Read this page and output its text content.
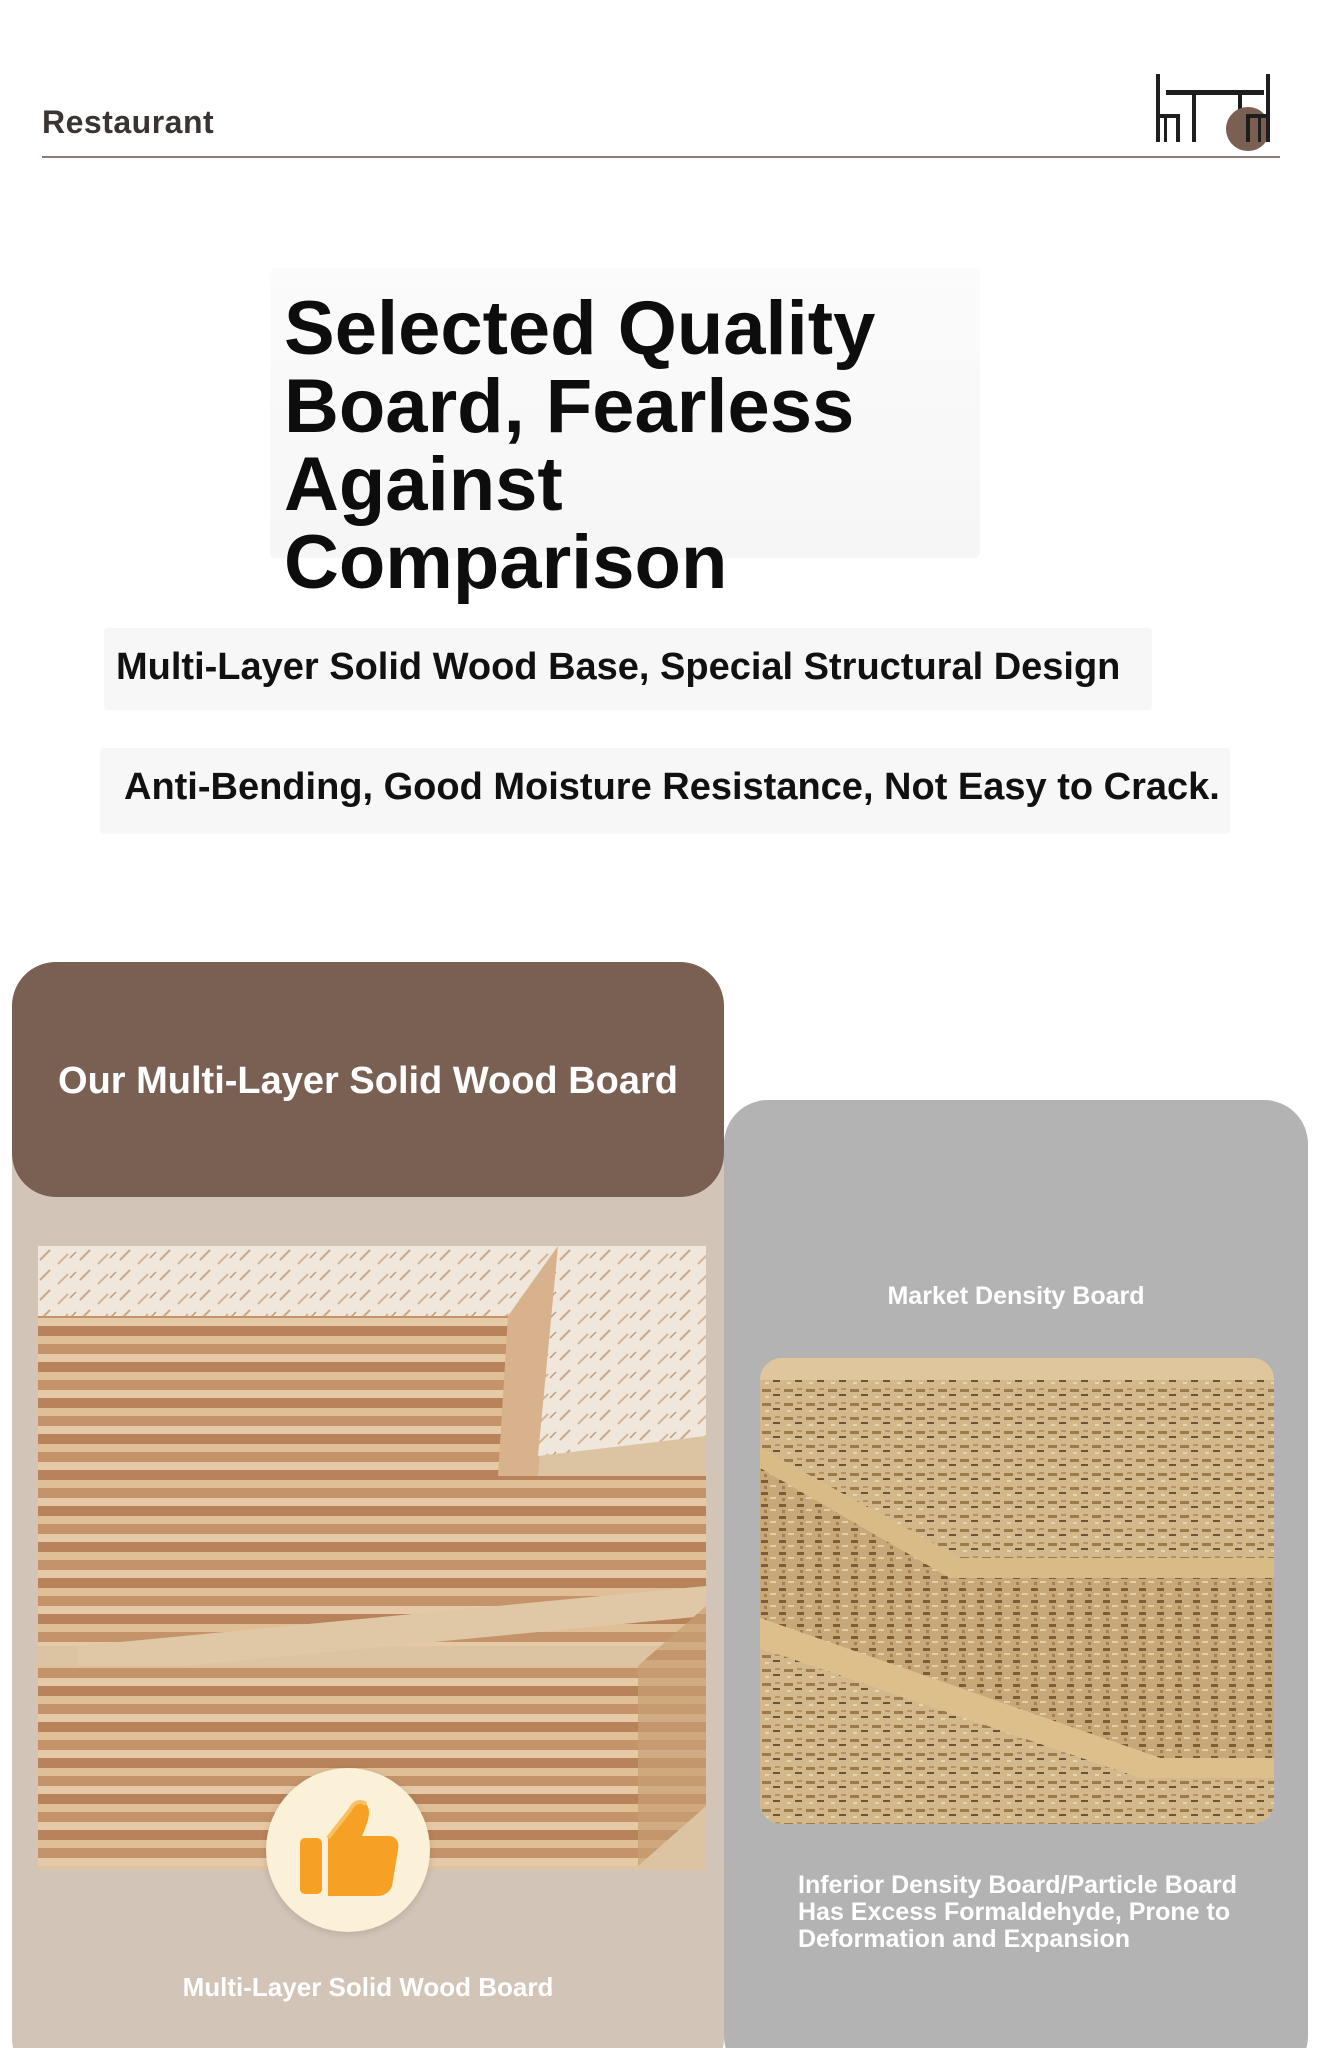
Restaurant
Selected Quality
Board, Fearless
Against Comparison
Multi-Layer Solid Wood Base, Special Structural Design
Anti-Bending, Good Moisture Resistance, Not Easy to Crack.
Market Density Board
Inferior Density Board/Particle Board
Has Excess Formaldehyde, Prone to
Deformation and Expansion
Our Multi-Layer Solid Wood Board
Multi-Layer Solid Wood Board
